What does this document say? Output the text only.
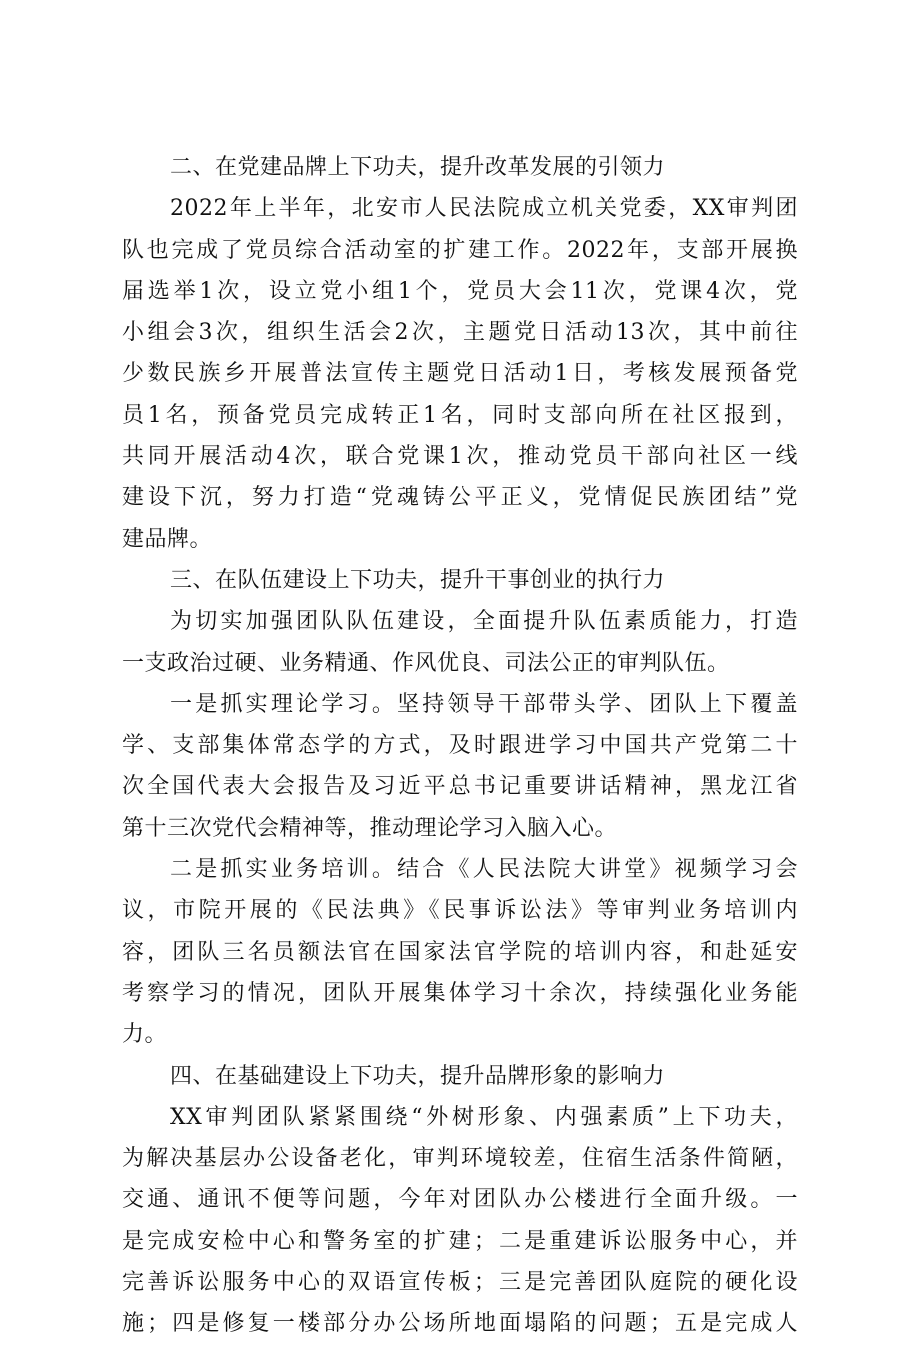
二、在党建品牌上下功夫，提升改革发展的引领力
2022年上半年，北安市人民法院成立机关党委，XX审判团
队也完成了党员综合活动室的扩建工作。2022年，支部开展换
届选举1次，设立党小组1个，党员大会11次，党课4次，党
小组会3次，组织生活会2次，主题党日活动13次，其中前往
少数民族乡开展普法宣传主题党日活动1日，考核发展预备党
员1名，预备党员完成转正1名，同时支部向所在社区报到，
共同开展活动4次，联合党课1次，推动党员干部向社区一线
建设下沉，努力打造“党魂铸公平正义，党情促民族团结”党
建品牌。
三、在队伍建设上下功夫，提升干事创业的执行力
为切实加强团队队伍建设，全面提升队伍素质能力，打造
一支政治过硬、业务精通、作风优良、司法公正的审判队伍。
一是抓实理论学习。坚持领导干部带头学、团队上下覆盖
学、支部集体常态学的方式，及时跟进学习中国共产党第二十
次全国代表大会报告及习近平总书记重要讲话精神，黑龙江省
第十三次党代会精神等，推动理论学习入脑入心。
二是抓实业务培训。结合《人民法院大讲堂》视频学习会
议，市院开展的《民法典》《民事诉讼法》等审判业务培训内
容，团队三名员额法官在国家法官学院的培训内容，和赴延安
考察学习的情况，团队开展集体学习十余次，持续强化业务能
力。
四、在基础建设上下功夫，提升品牌形象的影响力
XX审判团队紧紧围绕“外树形象、内强素质”上下功夫，
为解决基层办公设备老化，审判环境较差，住宿生活条件简陋，
交通、通讯不便等问题，今年对团队办公楼进行全面升级。一
是完成安检中心和警务室的扩建；二是重建诉讼服务中心，并
完善诉讼服务中心的双语宣传板；三是完善团队庭院的硬化设
施；四是修复一楼部分办公场所地面塌陷的问题；五是完成人
